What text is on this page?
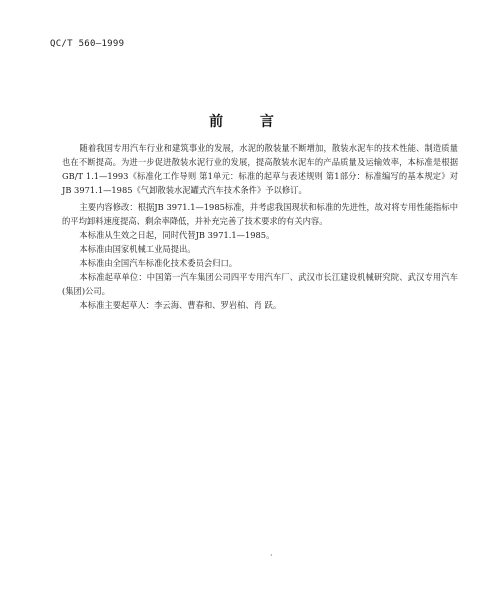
QC/T 560—1999
前 言

随着我国专用汽车行业和建筑事业的发展，水泥的散装量不断增加，散装水泥车的技术性能、制造质量也在不断提高。为进一步促进散装水泥行业的发展，提高散装水泥车的产品质量及运输效率，本标准是根据GB/T 1.1—1993《标准化工作导则 第1单元：标准的起草与表述规则 第1部分：标准编写的基本规定》对JB 3971.1—1985《气卸散装水泥罐式汽车技术条件》予以修订。

主要内容修改：根据JB 3971.1—1985标准，并考虑我国现状和标准的先进性，故对将专用性能指标中的平均卸料速度提高、剩余率降低，并补充完善了技术要求的有关内容。

本标准从生效之日起，同时代替JB 3971.1—1985。

本标准由国家机械工业局提出。

本标准由全国汽车标准化技术委员会归口。

本标准起草单位：中国第一汽车集团公司四平专用汽车厂、武汉市长江建设机械研究院、武汉专用汽车(集团)公司。

本标准主要起草人：李云海、曹春和、罗岩柏、肖 跃。

·
